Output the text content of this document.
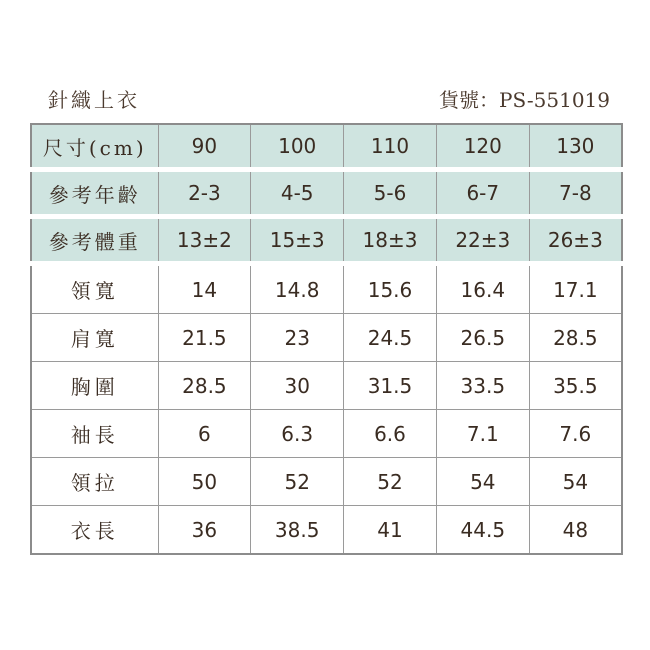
針織上衣	貨號：PS-551019
尺寸(cm)	90	100	110	120	130
參考年齡	2-3	4-5	5-6	6-7	7-8
參考體重	13±2	15±3	18±3	22±3	26±3
領寬	14	14.8	15.6	16.4	17.1
肩寬	21.5	23	24.5	26.5	28.5
胸圍	28.5	30	31.5	33.5	35.5
袖長	6	6.3	6.6	7.1	7.6
領拉	50	52	52	54	54
衣長	36	38.5	41	44.5	48
